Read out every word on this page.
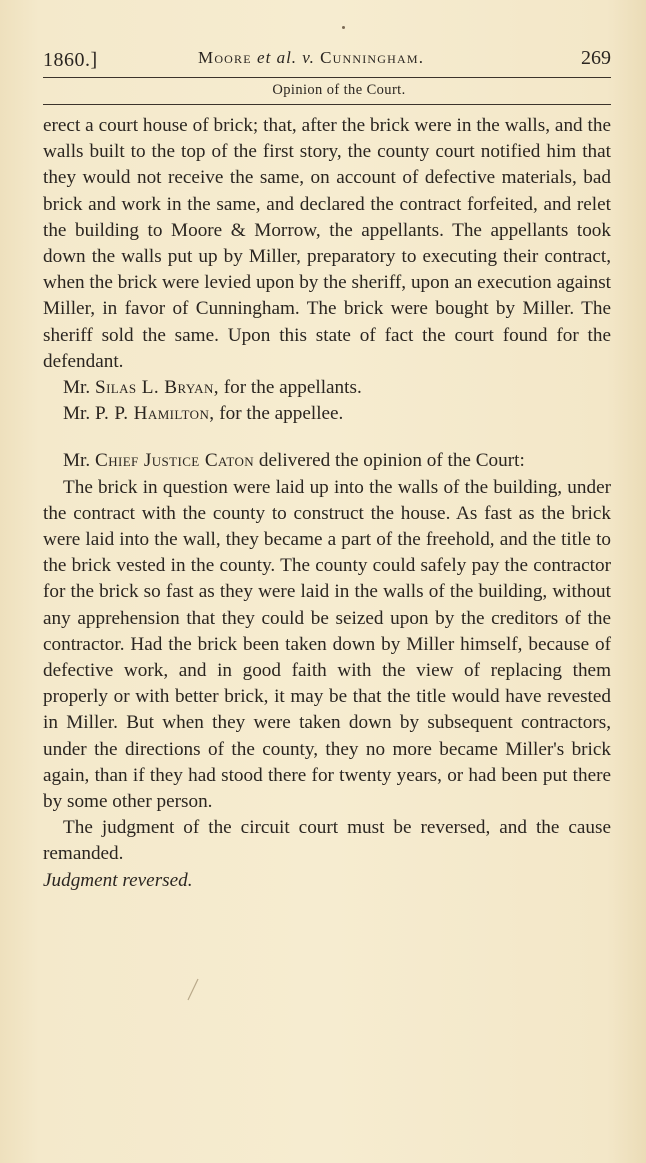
1860.]	Moore et al. v. Cunningham.	269
Opinion of the Court.

erect a court house of brick; that, after the brick were in the walls, and the walls built to the top of the first story, the county court notified him that they would not receive the same, on account of defective materials, bad brick and work in the same, and declared the contract forfeited, and relet the building to Moore & Morrow, the appellants. The appellants took down the walls put up by Miller, preparatory to executing their contract, when the brick were levied upon by the sheriff, upon an execution against Miller, in favor of Cunningham. The brick were bought by Miller. The sheriff sold the same. Upon this state of fact the court found for the defendant.

Mr. Silas L. Bryan, for the appellants.

Mr. P. P. Hamilton, for the appellee.

Mr. Chief Justice Caton delivered the opinion of the Court:

The brick in question were laid up into the walls of the building, under the contract with the county to construct the house. As fast as the brick were laid into the wall, they became a part of the freehold, and the title to the brick vested in the county. The county could safely pay the contractor for the brick so fast as they were laid in the walls of the building, without any apprehension that they could be seized upon by the creditors of the contractor. Had the brick been taken down by Miller himself, because of defective work, and in good faith with the view of replacing them properly or with better brick, it may be that the title would have revested in Miller. But when they were taken down by subsequent contractors, under the directions of the county, they no more became Miller's brick again, than if they had stood there for twenty years, or had been put there by some other person.

The judgment of the circuit court must be reversed, and the cause remanded.

Judgment reversed.
